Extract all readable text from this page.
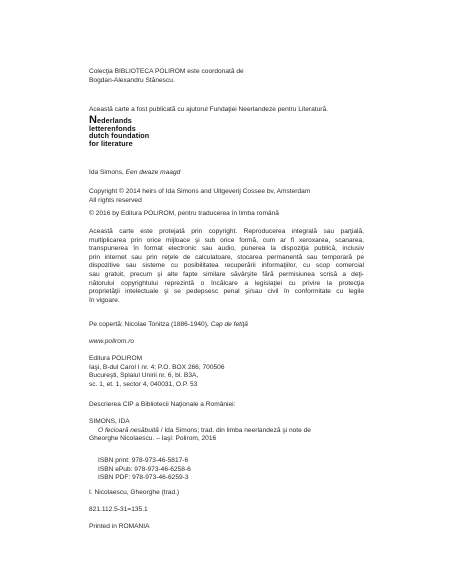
Colecţia BIBLIOTECA POLIROM este coordonată de
Bogdan-Alexandru Stănescu.
Această carte a fost publicată cu ajutorul Fundaţiei Neerlandeze pentru Literatură.
Nederlands
letterenfonds
dutch foundation
for literature
Ida Simons, Een dwaze maagd
Copyright © 2014 heirs of Ida Simons and Uitgeverij Cossee bv, Amsterdam
All rights reserved
© 2016 by Editura POLIROM, pentru traducerea în limba română
Această carte este protejată prin copyright. Reproducerea integrală sau parţială,
multiplicarea prin orice mijloace şi sub orice formă, cum ar fi xeroxarea, scanarea,
transpunerea în format electronic sau audio, punerea la dispoziţia publică, inclusiv
prin internet sau prin reţele de calculatoare, stocarea permanentă sau temporară pe
dispozitive sau sisteme cu posibilitatea recuperării informaţiilor, cu scop comercial
sau gratuit, precum şi alte fapte similare săvârşite fără permisiunea scrisă a deţi-
nătorului copyrightului reprezintă o încălcare a legislaţiei cu privire la protecţia
proprietăţii intelectuale şi se pedepsesc penal şi/sau civil în conformitate cu legile
în vigoare.
Pe copertă: Nicolae Tonitza (1886-1940), Cap de fetiţă
www.polirom.ro
Editura POLIROM
Iaşi, B-dul Carol I nr. 4; P.O. BOX 266, 700506
Bucureşti, Splaiul Unirii nr. 6, bl. B3A,
sc. 1, et. 1, sector 4, 040031, O.P. 53
Descrierea CIP a Bibliotecii Naţionale a României:
SIMONS, IDA
O fecioară nesăbuită / Ida Simons; trad. din limba neerlandeză şi note de
Gheorghe Nicolaescu. – Iaşi: Polirom, 2016
ISBN print: 978-973-46-5817-6
ISBN ePub: 978-973-46-6258-6
ISBN PDF: 978-973-46-6259-3
I. Nicolaescu, Gheorghe (trad.)
821.112.5-31=135.1
Printed in ROMANIA
